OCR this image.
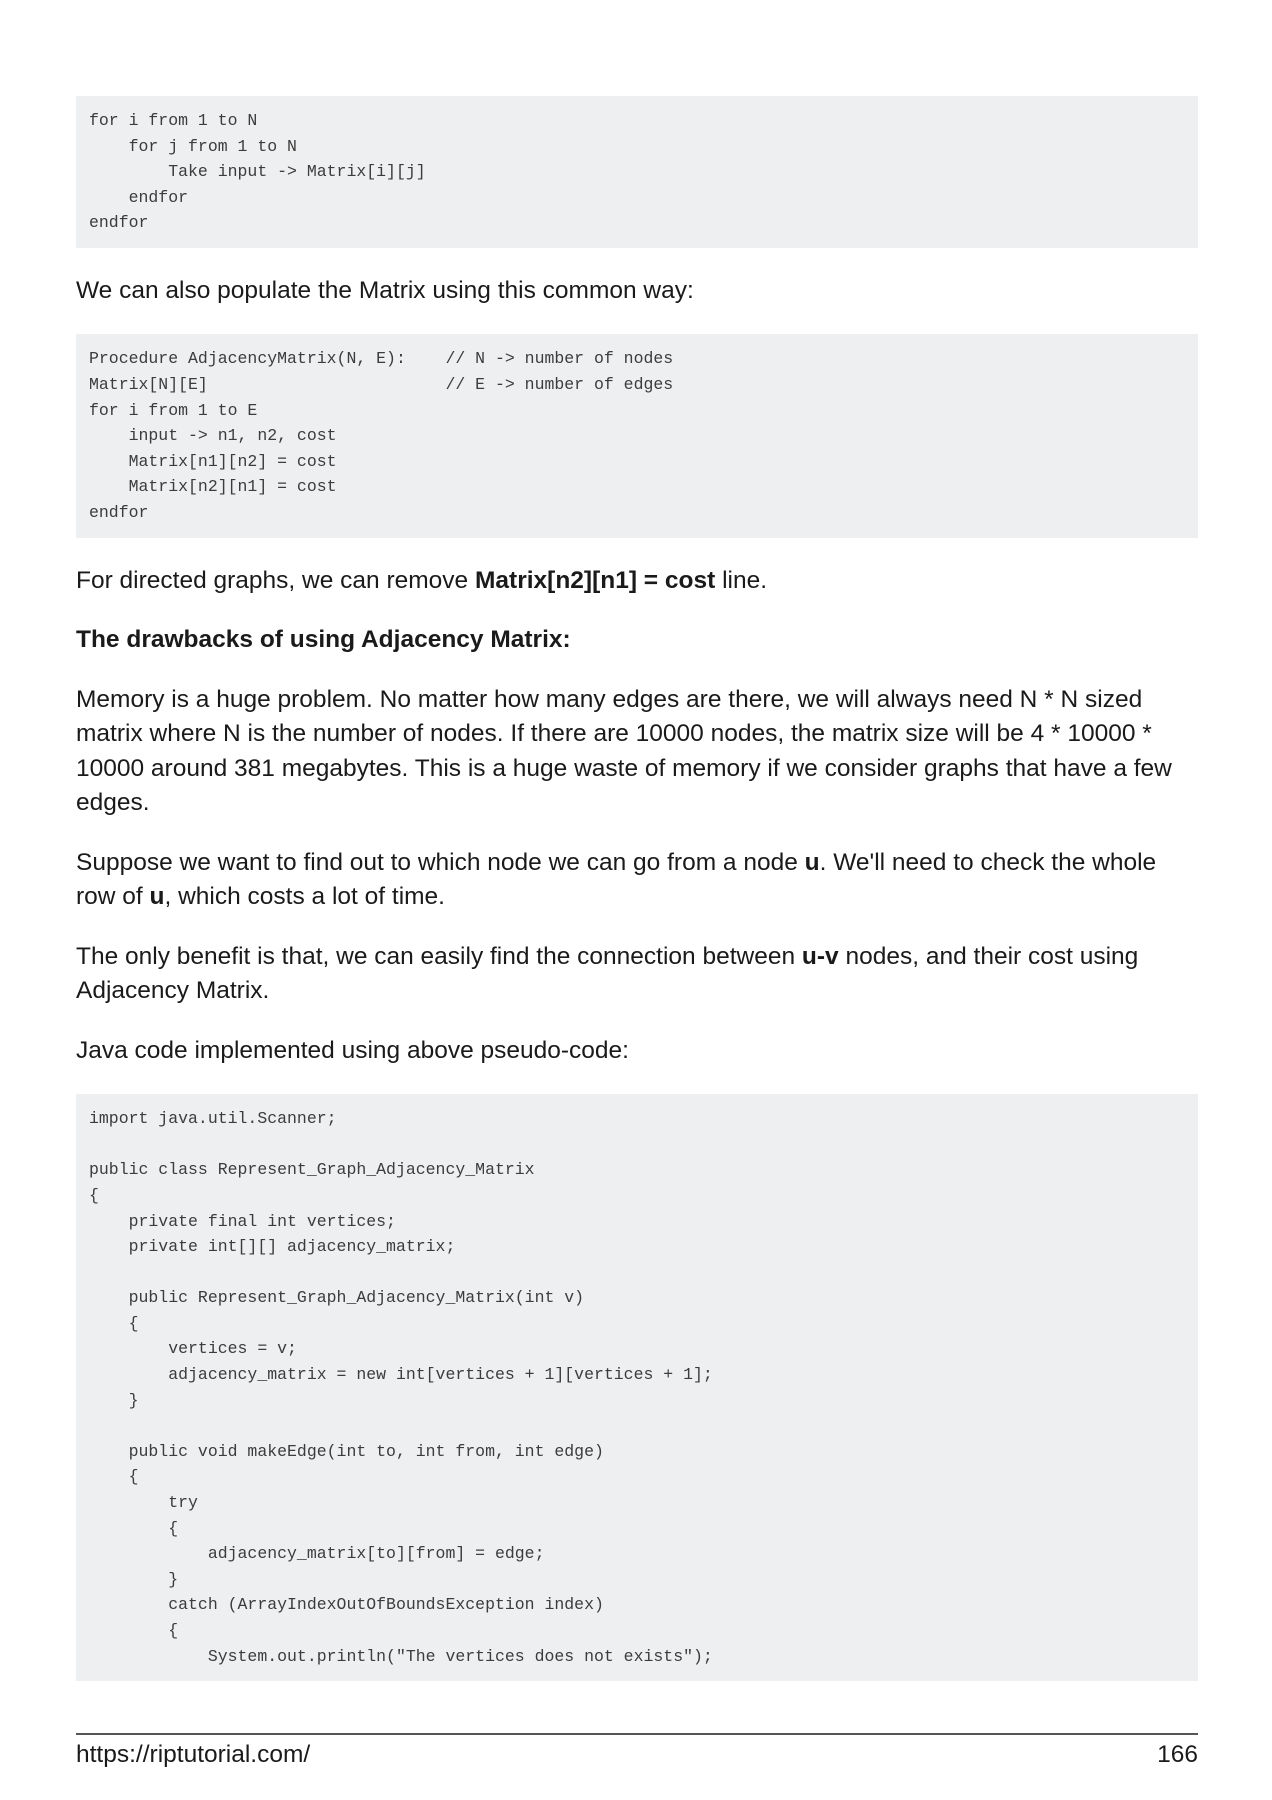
for i from 1 to N
for j from 1 to N
Take input -> Matrix[i][j]
endfor
endfor

We can also populate the Matrix using this common way:

Procedure AdjacencyMatrix(N, E):    // N -> number of nodes
Matrix[N][E]                        // E -> number of edges
for i from 1 to E
input -> n1, n2, cost
Matrix[n1][n2] = cost
Matrix[n2][n1] = cost
endfor

For directed graphs, we can remove Matrix[n2][n1] = cost line.

The drawbacks of using Adjacency Matrix:

Memory is a huge problem. No matter how many edges are there, we will always need N * N sized matrix where N is the number of nodes. If there are 10000 nodes, the matrix size will be 4 * 10000 * 10000 around 381 megabytes. This is a huge waste of memory if we consider graphs that have a few edges.

Suppose we want to find out to which node we can go from a node u. We'll need to check the whole row of u, which costs a lot of time.

The only benefit is that, we can easily find the connection between u-v nodes, and their cost using Adjacency Matrix.

Java code implemented using above pseudo-code:

import java.util.Scanner;
public class Represent_Graph_Adjacency_Matrix
{
private final int vertices;
private int[][] adjacency_matrix;
public Represent_Graph_Adjacency_Matrix(int v)
{
vertices = v;
adjacency_matrix = new int[vertices + 1][vertices + 1];
}
public void makeEdge(int to, int from, int edge)
{
try
{
adjacency_matrix[to][from] = edge;
}
catch (ArrayIndexOutOfBoundsException index)
{
System.out.println("The vertices does not exists");
https://riptutorial.com/	166
